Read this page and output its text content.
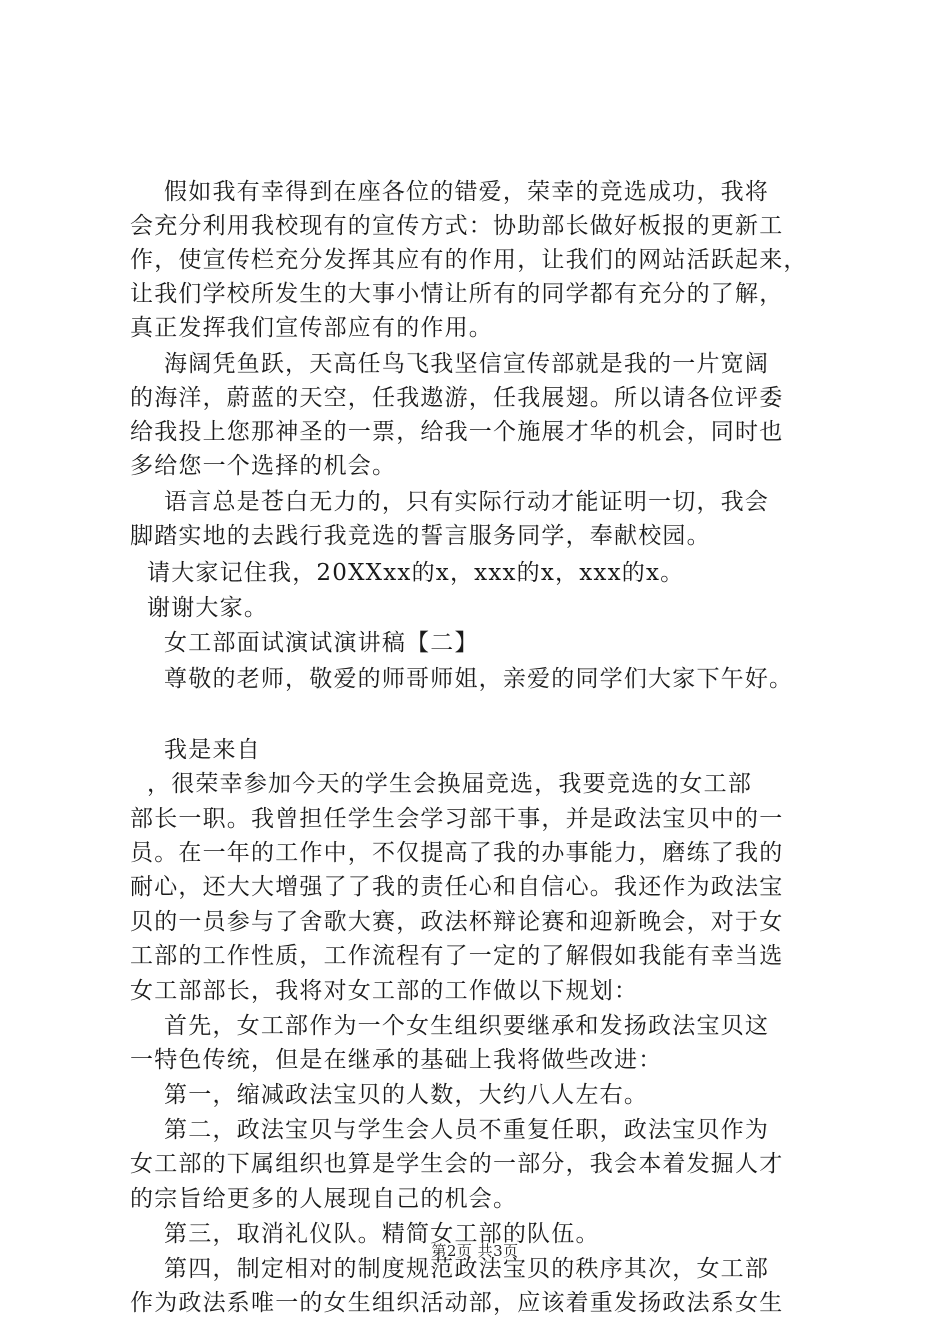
假如我有幸得到在座各位的错爱，荣幸的竞选成功，我将
会充分利用我校现有的宣传方式：协助部长做好板报的更新工
作，使宣传栏充分发挥其应有的作用，让我们的网站活跃起来，
让我们学校所发生的大事小情让所有的同学都有充分的了解，
真正发挥我们宣传部应有的作用。
海阔凭鱼跃，天高任鸟飞我坚信宣传部就是我的一片宽阔
的海洋，蔚蓝的天空，任我遨游，任我展翅。所以请各位评委
给我投上您那神圣的一票，给我一个施展才华的机会，同时也
多给您一个选择的机会。
语言总是苍白无力的，只有实际行动才能证明一切，我会
脚踏实地的去践行我竞选的誓言服务同学，奉献校园。
请大家记住我，20XXxx的x，xxx的x，xxx的x。
谢谢大家。
女工部面试演试演讲稿【二】
尊敬的老师，敬爱的师哥师姐，亲爱的同学们大家下午好。
我是来自
，很荣幸参加今天的学生会换届竞选，我要竞选的女工部
部长一职。我曾担任学生会学习部干事，并是政法宝贝中的一
员。在一年的工作中，不仅提高了我的办事能力，磨练了我的
耐心，还大大增强了了我的责任心和自信心。我还作为政法宝
贝的一员参与了舍歌大赛，政法杯辩论赛和迎新晚会，对于女
工部的工作性质，工作流程有了一定的了解假如我能有幸当选
女工部部长，我将对女工部的工作做以下规划：
首先，女工部作为一个女生组织要继承和发扬政法宝贝这
一特色传统，但是在继承的基础上我将做些改进：
第一，缩减政法宝贝的人数，大约八人左右。
第二，政法宝贝与学生会人员不重复任职，政法宝贝作为
女工部的下属组织也算是学生会的一部分，我会本着发掘人才
的宗旨给更多的人展现自己的机会。
第三，取消礼仪队。精简女工部的队伍。
第四，制定相对的制度规范政法宝贝的秩序其次，女工部
作为政法系唯一的女生组织活动部，应该着重发扬政法系女生
第2页 共3页
